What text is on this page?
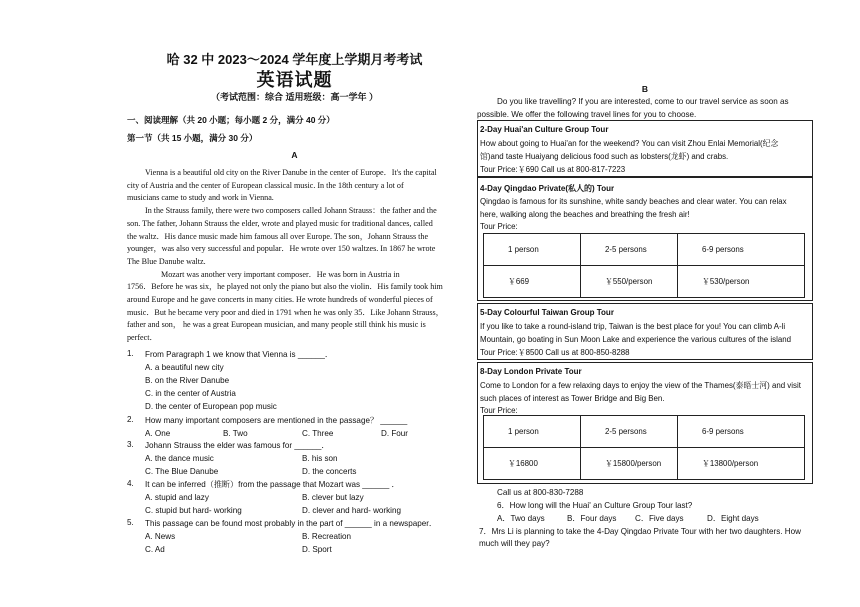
哈 32 中 2023～2024 学年度上学期月考考试
英语试题
（考试范围：综合 适用班级：高一学年 ）
一、阅读理解（共 20 小题；每小题 2 分，满分 40 分）
第一节（共 15 小题，满分 30 分）
A
Vienna is a beautiful old city on the River Danube in the center of Europe．It's the capital
city of Austria and the center of European classical music. In the 18th century a lot of
musicians came to study and work in Vienna.
In the Strauss family, there were two composers called Johann Strauss：the father and the
son. The father, Johann Strauss the elder, wrote and played music for traditional dances, called
the waltz．His dance music made him famous all over Europe. The son，Johann Strauss the
younger，was also very successful and popular．He wrote over 150 waltzes. In 1867 he wrote
The Blue Danube waltz.
Mozart was another very important composer．He was born in Austria in
1756．Before he was six，he played not only the piano but also the violin．His family took him
around Europe and he gave concerts in many cities. He wrote hundreds of wonderful pieces of
music．But he became very poor and died in 1791 when he was only 35．Like Johann Strauss，
father and son， he was a great European musician, and many people still think his music is
perfect．
1. From Paragraph 1 we know that Vienna is ______．
A. a beautiful new city
B. on the River Danube
C. in the center of Austria
D. the center of European pop music
2. How many important composers are mentioned in the passage？ ______
A. One	B. Two	C. Three	D. Four
3. Johann Strauss the elder was famous for ______．
A. the dance music	B. his son
C. The Blue Danube	D. the concerts
4. It can be inferred（推断）from the passage that Mozart was ______ ．
A. stupid and lazy	B. clever but lazy
C. stupid but hard- working	D. clever and hard- working
5. This passage can be found most probably in the part of ______ in a newspaper．
A. News	B. Recreation
C. Ad	D. Sport
B
Do you like travelling? If you are interested, come to our travel service as soon as
possible. We offer the following travel lines for you to choose.
2-Day Huai'an Culture Group Tour
How about going to Huai'an for the weekend? You can visit Zhou Enlai Memorial(纪念
馆)and taste Huaiyang delicious food such as lobsters(龙虾) and crabs.
Tour Price:￥690 Call us at 800-817-7223
4-Day Qingdao Private(私人的) Tour
Qingdao is famous for its sunshine, white sandy beaches and clear water. You can relax
here, walking along the beaches and breathing the fresh air!
Tour Price:
1 person	2-5 persons	6-9 persons
￥669	￥550/person	￥530/person
5-Day Colourful Taiwan Group Tour
If you like to take a round-island trip, Taiwan is the best place for you! You can climb A-li
Mountain, go boating in Sun Moon Lake and experience the various cultures of the island
Tour Price:￥8500 Call us at 800-850-8288
8-Day London Private Tour
Come to London for a few relaxing days to enjoy the view of the Thames(泰晤士河) and visit
such places of interest as Tower Bridge and Big Ben.
Tour Price:
1 person	2-5 persons	6-9 persons
￥16800	￥15800/person	￥13800/person
Call us at 800-830-7288
6．How long will the Huai' an Culture Group Tour last?
A．Two days	B．Four days C．Five days	D．Eight days
7．Mrs Li is planning to take the 4-Day Qingdao Private Tour with her two daughters. How
much will they pay?
